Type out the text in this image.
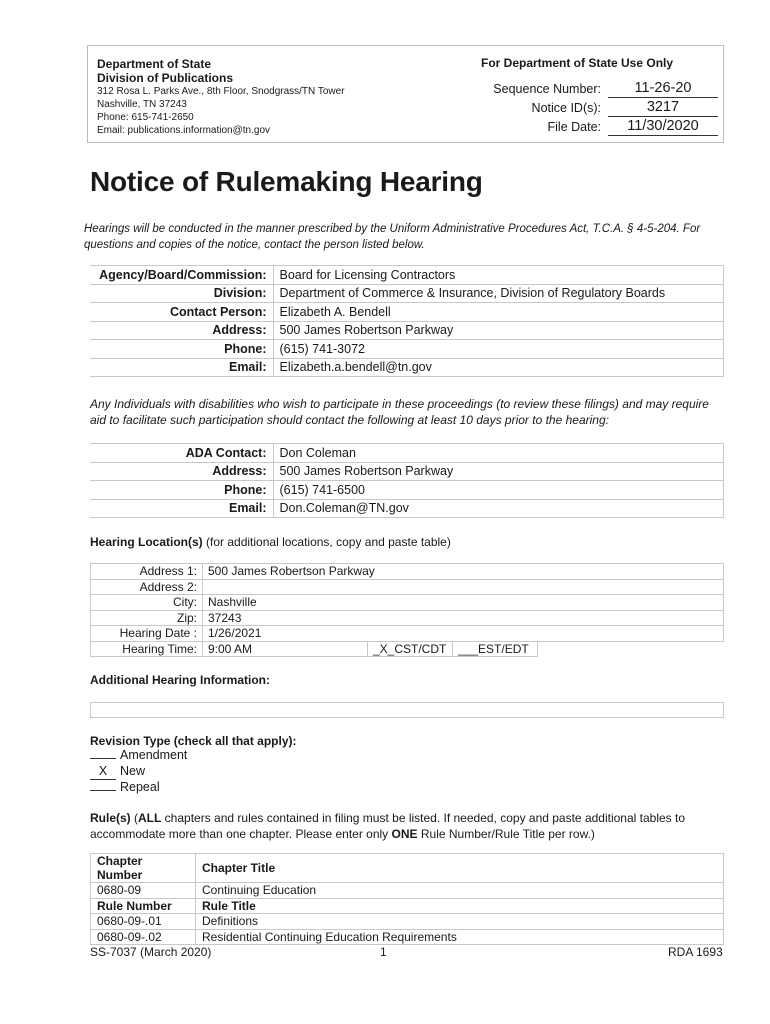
Department of State
Division of Publications
312 Rosa L. Parks Ave., 8th Floor, Snodgrass/TN Tower
Nashville, TN 37243
Phone: 615-741-2650
Email: publications.information@tn.gov
For Department of State Use Only
Sequence Number:	11-26-20
Notice ID(s):	3217
File Date:	11/30/2020
Notice of Rulemaking Hearing
Hearings will be conducted in the manner prescribed by the Uniform Administrative Procedures Act, T.C.A. § 4-5-204. For questions and copies of the notice, contact the person listed below.
Agency/Board/Commission:	Board for Licensing Contractors
Division:	Department of Commerce & Insurance, Division of Regulatory Boards
Contact Person:	Elizabeth A. Bendell
Address:	500 James Robertson Parkway
Phone:	(615) 741-3072
Email:	Elizabeth.a.bendell@tn.gov
Any Individuals with disabilities who wish to participate in these proceedings (to review these filings) and may require aid to facilitate such participation should contact the following at least 10 days prior to the hearing:
ADA Contact:	Don Coleman
Address:	500 James Robertson Parkway
Phone:	(615) 741-6500
Email:	Don.Coleman@TN.gov
Hearing Location(s) (for additional locations, copy and paste table)
Address 1:	500 James Robertson Parkway			
Address 2:				
City:	Nashville			
Zip:	37243			
Hearing Date :	1/26/2021			
Hearing Time:	9:00 AM	_X_CST/CDT	___EST/EDT	
Additional Hearing Information:
Revision Type (check all that apply):
Amendment
X New
Repeal
Rule(s) (ALL chapters and rules contained in filing must be listed. If needed, copy and paste additional tables to accommodate more than one chapter. Please enter only ONE Rule Number/Rule Title per row.)
Chapter Number	Chapter Title
0680-09	Continuing Education
Rule Number	Rule Title
0680-09-.01	Definitions
0680-09-.02	Residential Continuing Education Requirements
SS-7037 (March 2020)	1	RDA 1693
